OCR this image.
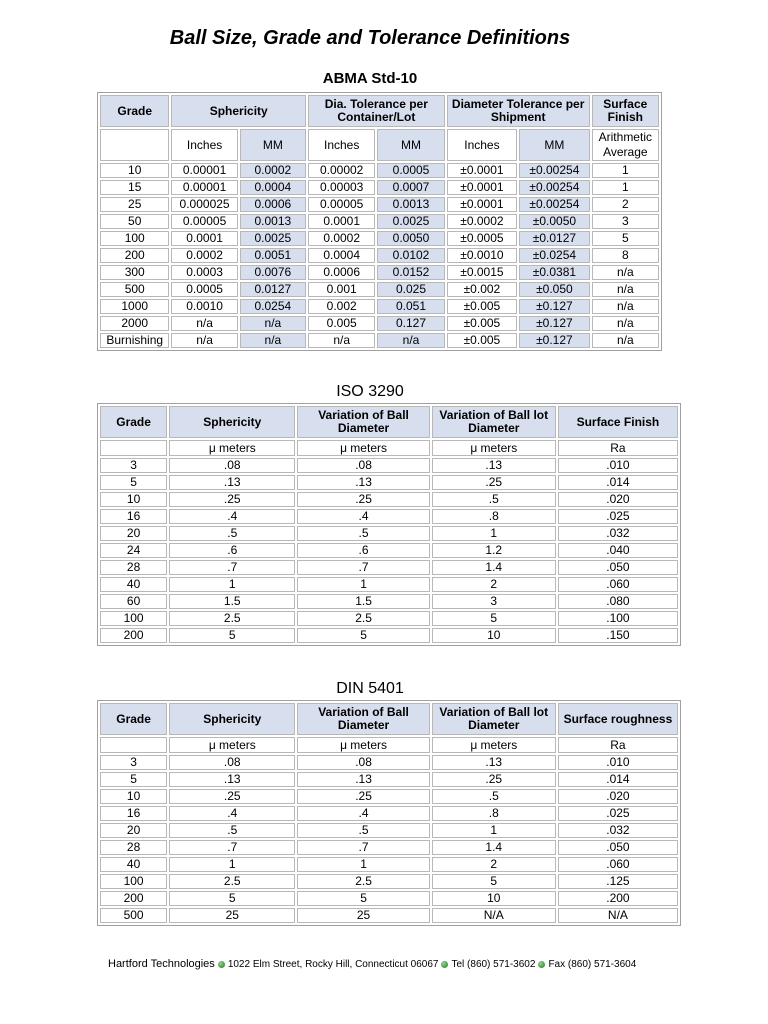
Ball Size, Grade and Tolerance Definitions
ABMA Std-10
Grade	Sphericity		Dia. Tolerance per Container/Lot		Diameter Tolerance per Shipment		Surface Finish
	Inches	MM	Inches	MM	Inches	MM	Arithmetic Average
10	0.00001	0.0002	0.00002	0.0005	±0.0001	±0.00254	1
15	0.00001	0.0004	0.00003	0.0007	±0.0001	±0.00254	1
25	0.000025	0.0006	0.00005	0.0013	±0.0001	±0.00254	2
50	0.00005	0.0013	0.0001	0.0025	±0.0002	±0.0050	3
100	0.0001	0.0025	0.0002	0.0050	±0.0005	±0.0127	5
200	0.0002	0.0051	0.0004	0.0102	±0.0010	±0.0254	8
300	0.0003	0.0076	0.0006	0.0152	±0.0015	±0.0381	n/a
500	0.0005	0.0127	0.001	0.025	±0.002	±0.050	n/a
1000	0.0010	0.0254	0.002	0.051	±0.005	±0.127	n/a
2000	n/a	n/a	0.005	0.127	±0.005	±0.127	n/a
Burnishing	n/a	n/a	n/a	n/a	±0.005	±0.127	n/a
ISO 3290
Grade	Sphericity	Variation of Ball Diameter	Variation of Ball lot Diameter	Surface Finish
	μ meters	μ meters	μ meters	Ra
3	.08	.08	.13	.010
5	.13	.13	.25	.014
10	.25	.25	.5	.020
16	.4	.4	.8	.025
20	.5	.5	1	.032
24	.6	.6	1.2	.040
28	.7	.7	1.4	.050
40	1	1	2	.060
60	1.5	1.5	3	.080
100	2.5	2.5	5	.100
200	5	5	10	.150
DIN 5401
Grade	Sphericity	Variation of Ball Diameter	Variation of Ball lot Diameter	Surface roughness
	μ meters	μ meters	μ meters	Ra
3	.08	.08	.13	.010
5	.13	.13	.25	.014
10	.25	.25	.5	.020
16	.4	.4	.8	.025
20	.5	.5	1	.032
28	.7	.7	1.4	.050
40	1	1	2	.060
100	2.5	2.5	5	.125
200	5	5	10	.200
500	25	25	N/A	N/A
Hartford Technologies 1022 Elm Street, Rocky Hill, Connecticut 06067 Tel (860) 571-3602 Fax (860) 571-3604
